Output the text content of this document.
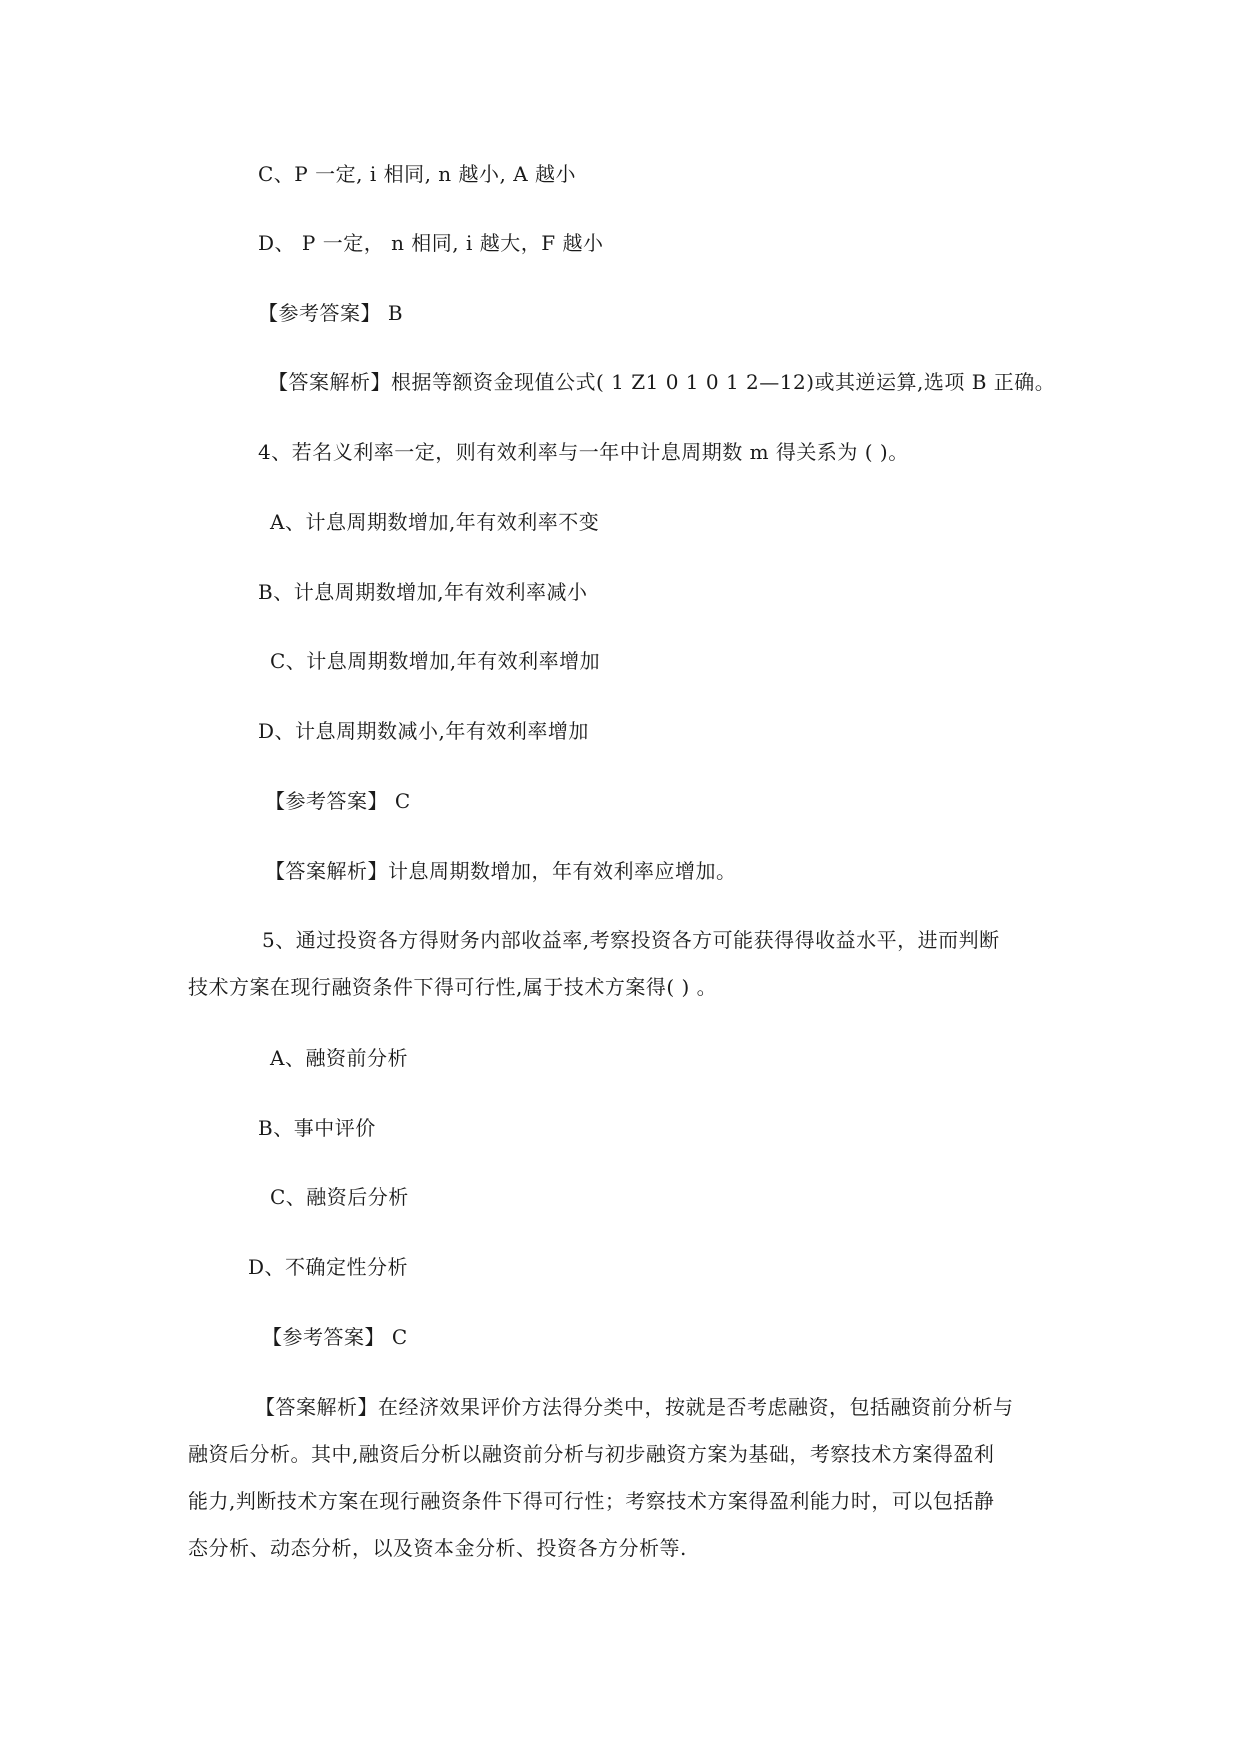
C、P 一定, i 相同, n 越小, A 越小
D、 P 一定， n 相同, i 越大，F 越小
【参考答案】 B
【答案解析】根据等额资金现值公式( 1 Z1 0 1 0 1 2—12)或其逆运算,选项 B 正确。
4、若名义利率一定，则有效利率与一年中计息周期数 m 得关系为 ( )。
A、计息周期数增加,年有效利率不变
B、计息周期数增加,年有效利率减小
C、计息周期数增加,年有效利率增加
D、计息周期数减小,年有效利率增加
【参考答案】 C
【答案解析】计息周期数增加，年有效利率应增加。
5、通过投资各方得财务内部收益率,考察投资各方可能获得得收益水平，进而判断
技术方案在现行融资条件下得可行性,属于技术方案得( ) 。
A、融资前分析
B、事中评价
C、融资后分析
D、不确定性分析
【参考答案】 C
【答案解析】在经济效果评价方法得分类中，按就是否考虑融资，包括融资前分析与
融资后分析。其中,融资后分析以融资前分析与初步融资方案为基础，考察技术方案得盈利
能力,判断技术方案在现行融资条件下得可行性；考察技术方案得盈利能力时，可以包括静
态分析、动态分析，以及资本金分析、投资各方分析等.
